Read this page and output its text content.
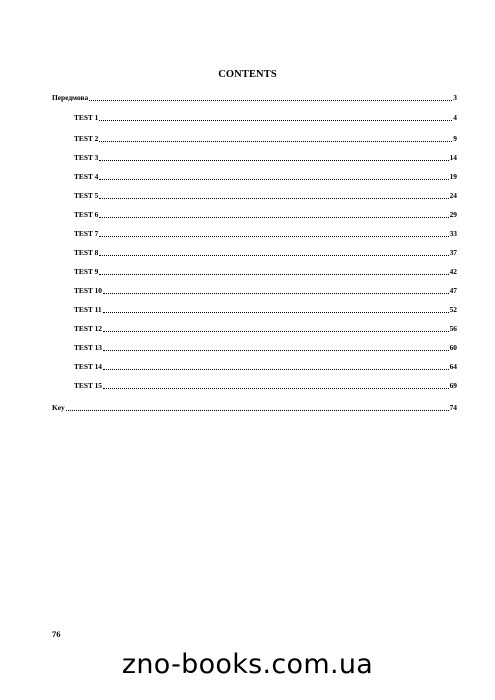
CONTENTS
Передмова	3
TEST 1	4
TEST 2	9
TEST 3	14
TEST 4	19
TEST 5	24
TEST 6	29
TEST 7	33
TEST 8	37
TEST 9	42
TEST 10	47
TEST 11	52
TEST 12	56
TEST 13	60
TEST 14	64
TEST 15	69
Key	74
76
zno-books.com.ua
